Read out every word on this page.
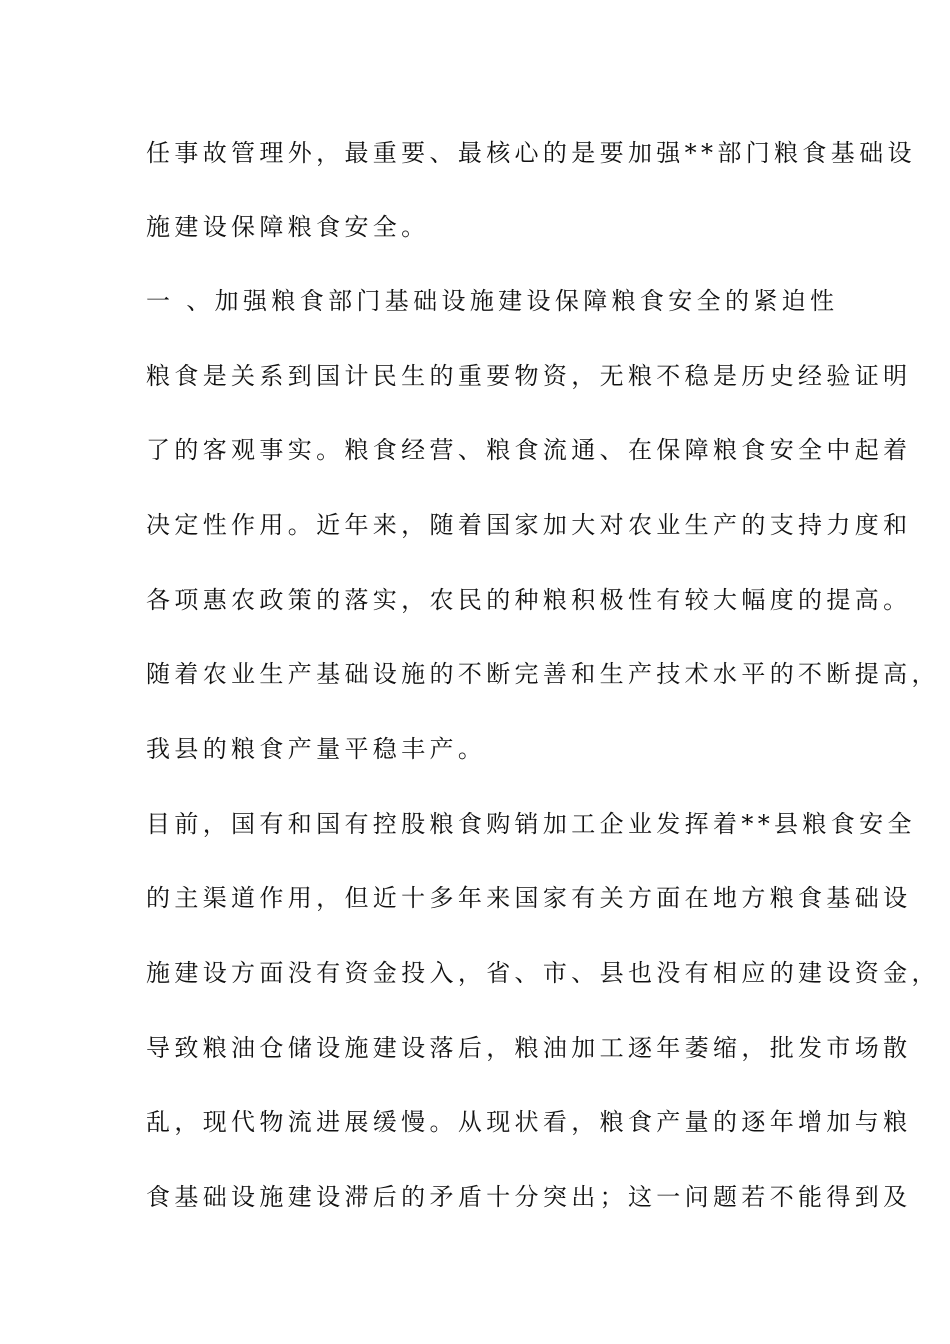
任事故管理外，最重要、最核心的是要加强**部门粮食基础设
施建设保障粮食安全。
一 、加强粮食部门基础设施建设保障粮食安全的紧迫性
粮食是关系到国计民生的重要物资，无粮不稳是历史经验证明
了的客观事实。粮食经营、粮食流通、在保障粮食安全中起着
决定性作用。近年来，随着国家加大对农业生产的支持力度和
各项惠农政策的落实，农民的种粮积极性有较大幅度的提高。
随着农业生产基础设施的不断完善和生产技术水平的不断提高，
我县的粮食产量平稳丰产。
目前，国有和国有控股粮食购销加工企业发挥着**县粮食安全
的主渠道作用，但近十多年来国家有关方面在地方粮食基础设
施建设方面没有资金投入，省、市、县也没有相应的建设资金，
导致粮油仓储设施建设落后，粮油加工逐年萎缩，批发市场散
乱，现代物流进展缓慢。从现状看，粮食产量的逐年增加与粮
食基础设施建设滞后的矛盾十分突出；这一问题若不能得到及
